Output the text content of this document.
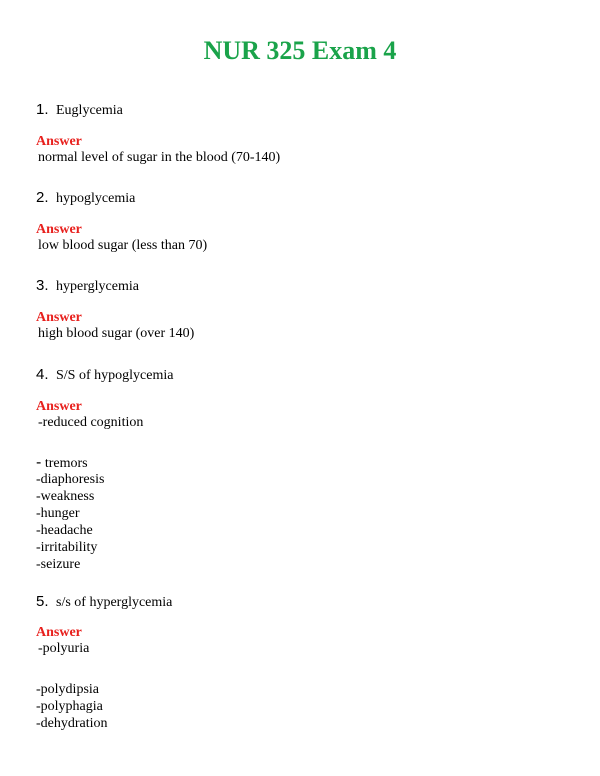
NUR 325 Exam 4
1. Euglycemia
Answer
normal level of sugar in the blood (70-140)
2. hypoglycemia
Answer
low blood sugar (less than 70)
3. hyperglycemia
Answer
high blood sugar (over 140)
4. S/S of hypoglycemia
Answer
-reduced cognition
- tremors
-diaphoresis
-weakness
-hunger
-headache
-irritability
-seizure
5. s/s of hyperglycemia
Answer
-polyuria
-polydipsia
-polyphagia
-dehydration
